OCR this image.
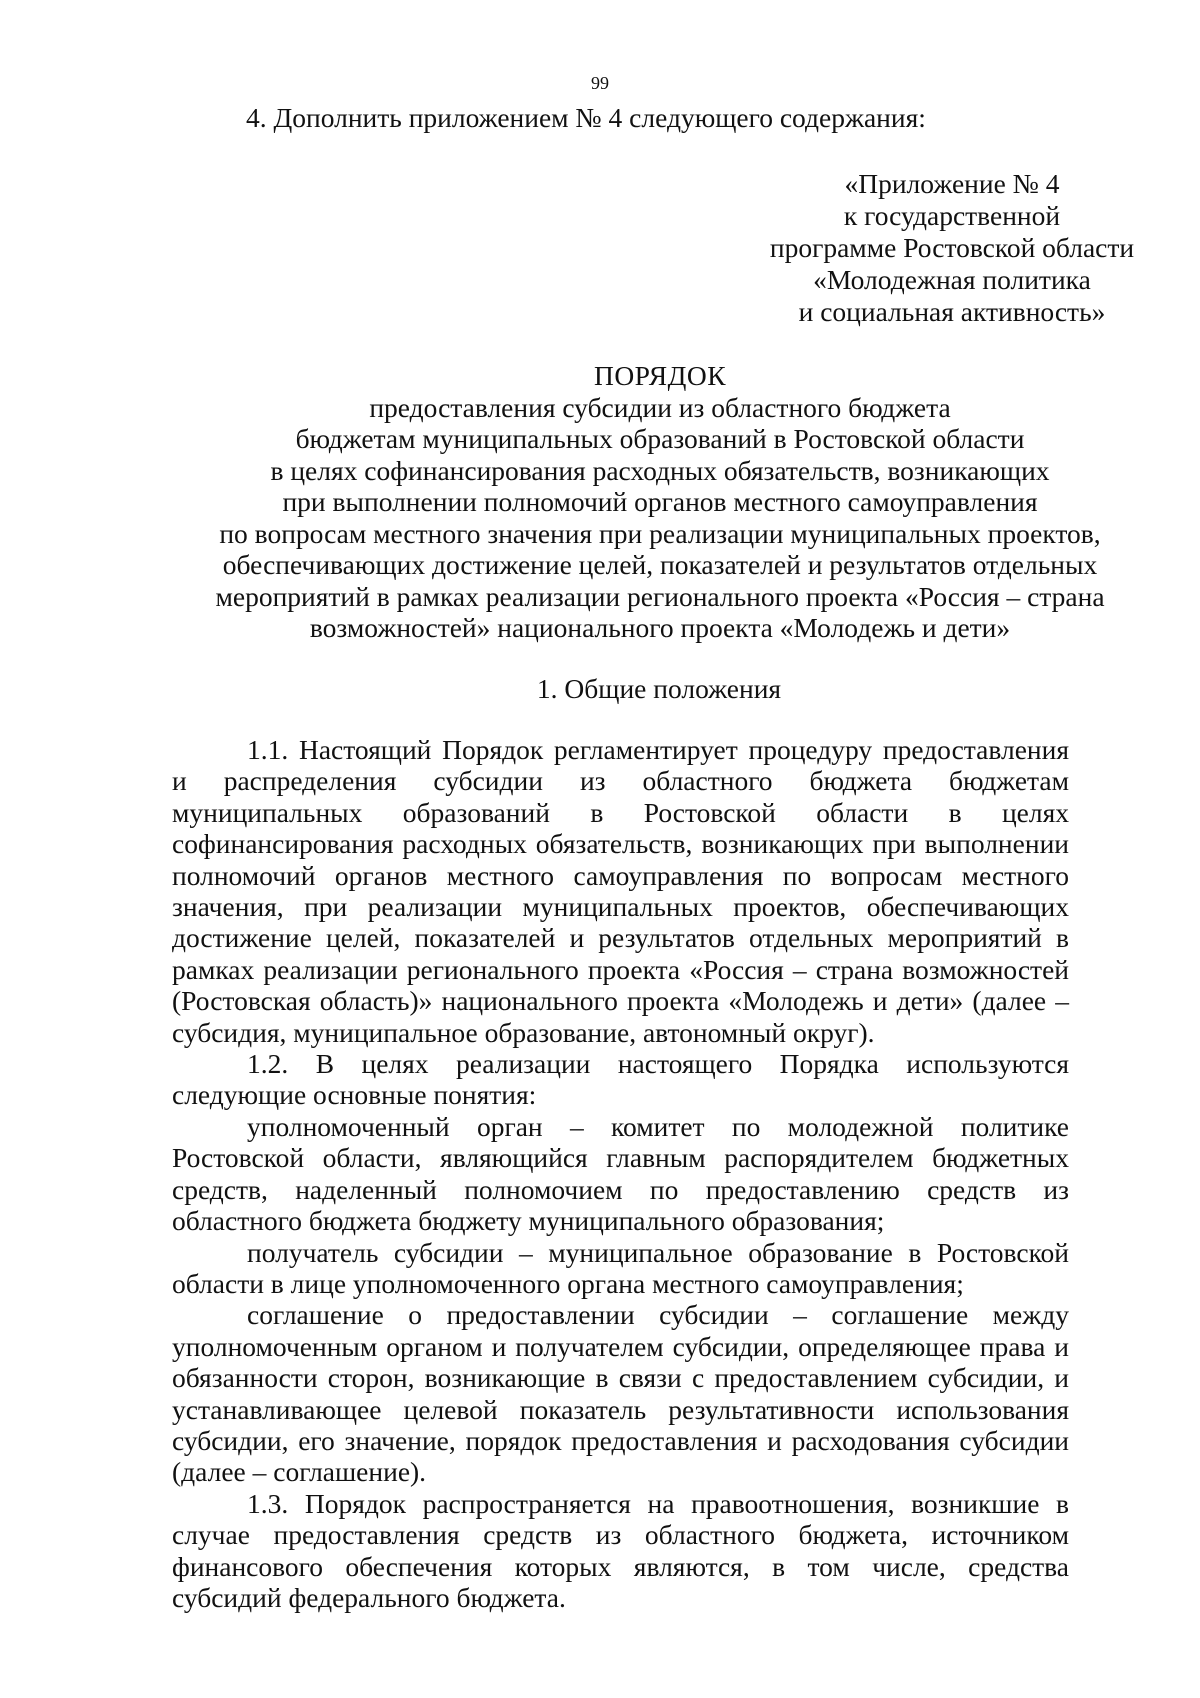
99
4. Дополнить приложением № 4 следующего содержания:
«Приложение № 4
к государственной
программе Ростовской области
«Молодежная политика
и социальная активность»
ПОРЯДОК
предоставления субсидии из областного бюджета
бюджетам муниципальных образований в Ростовской области
в целях софинансирования расходных обязательств, возникающих
при выполнении полномочий органов местного самоуправления
по вопросам местного значения при реализации муниципальных проектов,
обеспечивающих достижение целей, показателей и результатов отдельных
мероприятий в рамках реализации регионального проекта «Россия – страна
возможностей» национального проекта «Молодежь и дети»
1. Общие положения

1.1. Настоящий Порядок регламентирует процедуру предоставления и распределения субсидии из областного бюджета бюджетам муниципальных образований в Ростовской области в целях софинансирования расходных обязательств, возникающих при выполнении полномочий органов местного самоуправления по вопросам местного значения, при реализации муниципальных проектов, обеспечивающих достижение целей, показателей и результатов отдельных мероприятий в рамках реализации регионального проекта «Россия – страна возможностей (Ростовская область)» национального проекта «Молодежь и дети» (далее – субсидия, муниципальное образование, автономный округ).

1.2. В целях реализации настоящего Порядка используются следующие основные понятия:

уполномоченный орган – комитет по молодежной политике Ростовской области, являющийся главным распорядителем бюджетных средств, наделенный полномочием по предоставлению средств из областного бюджета бюджету муниципального образования;

получатель субсидии – муниципальное образование в Ростовской области в лице уполномоченного органа местного самоуправления;

соглашение о предоставлении субсидии – соглашение между уполномоченным органом и получателем субсидии, определяющее права и обязанности сторон, возникающие в связи с предоставлением субсидии, и устанавливающее целевой показатель результативности использования субсидии, его значение, порядок предоставления и расходования субсидии (далее – соглашение).

1.3. Порядок распространяется на правоотношения, возникшие в случае предоставления средств из областного бюджета, источником финансового обеспечения которых являются, в том числе, средства субсидий федерального бюджета.
